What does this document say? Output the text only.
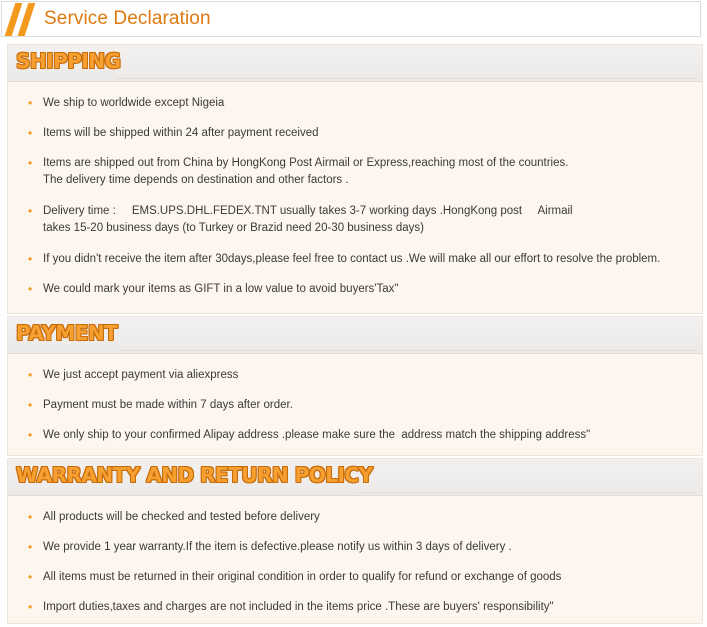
Service Declaration
SHIPPING
• We ship to worldwide except Nigeia
• Items will be shipped within 24 after payment received
• Items are shipped out from China by HongKong Post Airmail or Express,reaching most of the countries.
The delivery time depends on destination and other factors .
• Delivery time :     EMS.UPS.DHL.FEDEX.TNT usually takes 3-7 working days .HongKong post     Airmail
takes 15-20 business days (to Turkey or Brazid need 20-30 business days)
• If you didn't receive the item after 30days,please feel free to contact us .We will make all our effort to resolve the problem.
• We could mark your items as GIFT in a low value to avoid buyers'Tax"
PAYMENT
• We just accept payment via aliexpress
• Payment must be made within 7 days after order.
• We only ship to your confirmed Alipay address .please make sure the  address match the shipping address"
WARRANTY AND RETURN POLICY
• All products will be checked and tested before delivery
• We provide 1 year warranty.If the item is defective.please notify us within 3 days of delivery .
• All items must be returned in their original condition in order to qualify for refund or exchange of goods
• Import duties,taxes and charges are not included in the items price .These are buyers' responsibility"
